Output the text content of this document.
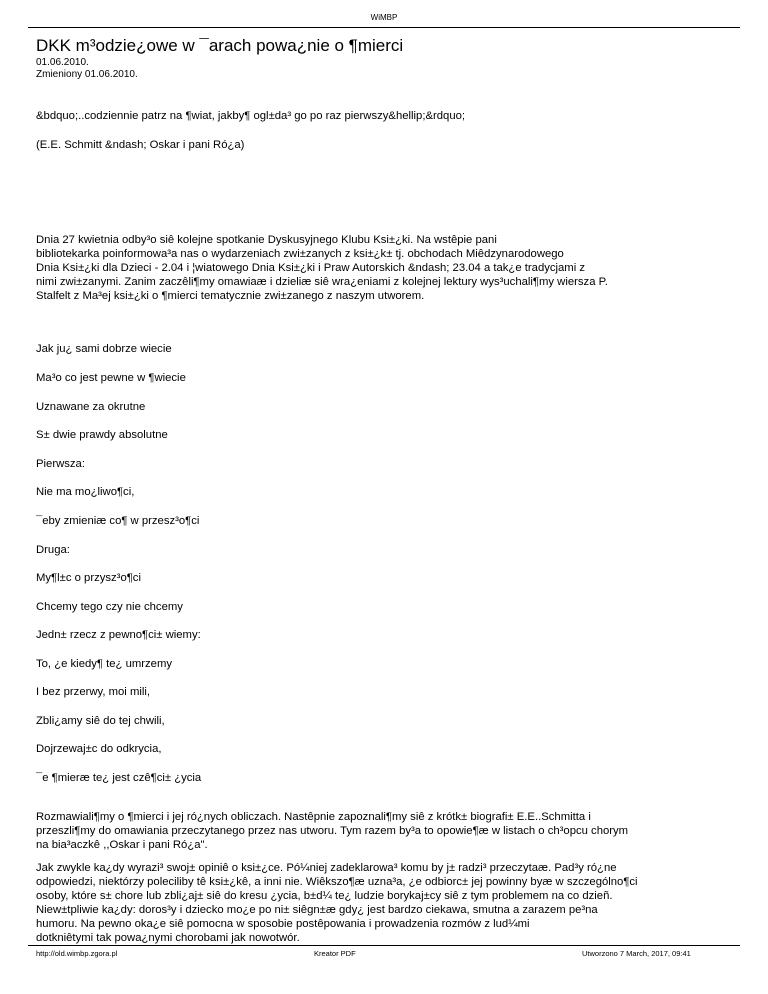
WiMBP
DKK m³odzie¿owe w ¯arach powa¿nie o ¶mierci
01.06.2010.
Zmieniony 01.06.2010.
&bdquo;..codziennie patrz na ¶wiat, jakby¶ ogl±da³ go po raz pierwszy&hellip;&rdquo;
(E.E. Schmitt &ndash; Oskar i pani Ró¿a)
Dnia 27 kwietnia odby³o siê kolejne spotkanie Dyskusyjnego Klubu Ksi±¿ki. Na wstêpie pani
bibliotekarka poinformowa³a nas o wydarzeniach zwi±zanych z ksi±¿k± tj. obchodach Miêdzynarodowego
Dnia Ksi±¿ki dla Dzieci - 2.04 i ¦wiatowego Dnia Ksi±¿ki i Praw Autorskich &ndash; 23.04 a tak¿e tradycjami z
nimi zwi±zanymi. Zanim zaczêli¶my omawiaæ i dzieliæ siê wra¿eniami z kolejnej lektury wys³uchali¶my wiersza P.
Stalfelt z Ma³ej ksi±¿ki o ¶mierci tematycznie zwi±zanego z naszym utworem.
Jak ju¿ sami dobrze wiecie
Ma³o co jest pewne w ¶wiecie
Uznawane za okrutne
S± dwie prawdy absolutne
Pierwsza:
Nie ma mo¿liwo¶ci,
¯eby zmieniæ co¶ w przesz³o¶ci
Druga:
My¶l±c o przysz³o¶ci
Chcemy tego czy nie chcemy
Jedn± rzecz z pewno¶ci± wiemy:
To, ¿e kiedy¶ te¿ umrzemy
I bez przerwy, moi mili,
Zbli¿amy siê do tej chwili,
Dojrzewaj±c do odkrycia,
¯e ¶mieræ te¿ jest czê¶ci± ¿ycia
Rozmawiali¶my o ¶mierci i jej ró¿nych obliczach. Nastêpnie zapoznali¶my siê z krótk± biografi± E.E..Schmitta i
przeszli¶my do omawiania przeczytanego przez nas utworu. Tym razem by³a to opowie¶æ w listach o ch³opcu chorym
na bia³aczkê ,,Oskar i pani Ró¿a".
Jak zwykle ka¿dy wyrazi³ swoj± opiniê o ksi±¿ce. Pó¼niej zadeklarowa³ komu by j± radzi³ przeczytaæ. Pad³y ró¿ne
odpowiedzi, niektórzy poleciliby tê ksi±¿kê, a inni nie. Wiêkszo¶æ uzna³a, ¿e odbiorc± jej powinny byæ w szczególno¶ci
osoby, które s± chore lub zbli¿aj± siê do kresu ¿ycia, b±d¼ te¿ ludzie borykaj±cy siê z tym problemem na co dzieñ.
Niew±tpliwie ka¿dy: doros³y i dziecko mo¿e po ni± siêgn±æ gdy¿ jest bardzo ciekawa, smutna a zarazem pe³na
humoru. Na pewno oka¿e siê pomocna w sposobie postêpowania i prowadzenia rozmów z lud¼mi
dotkniêtymi tak powa¿nymi chorobami jak nowotwór.
http://old.wimbp.zgora.pl	Kreator PDF	Utworzono 7 March, 2017, 09:41
